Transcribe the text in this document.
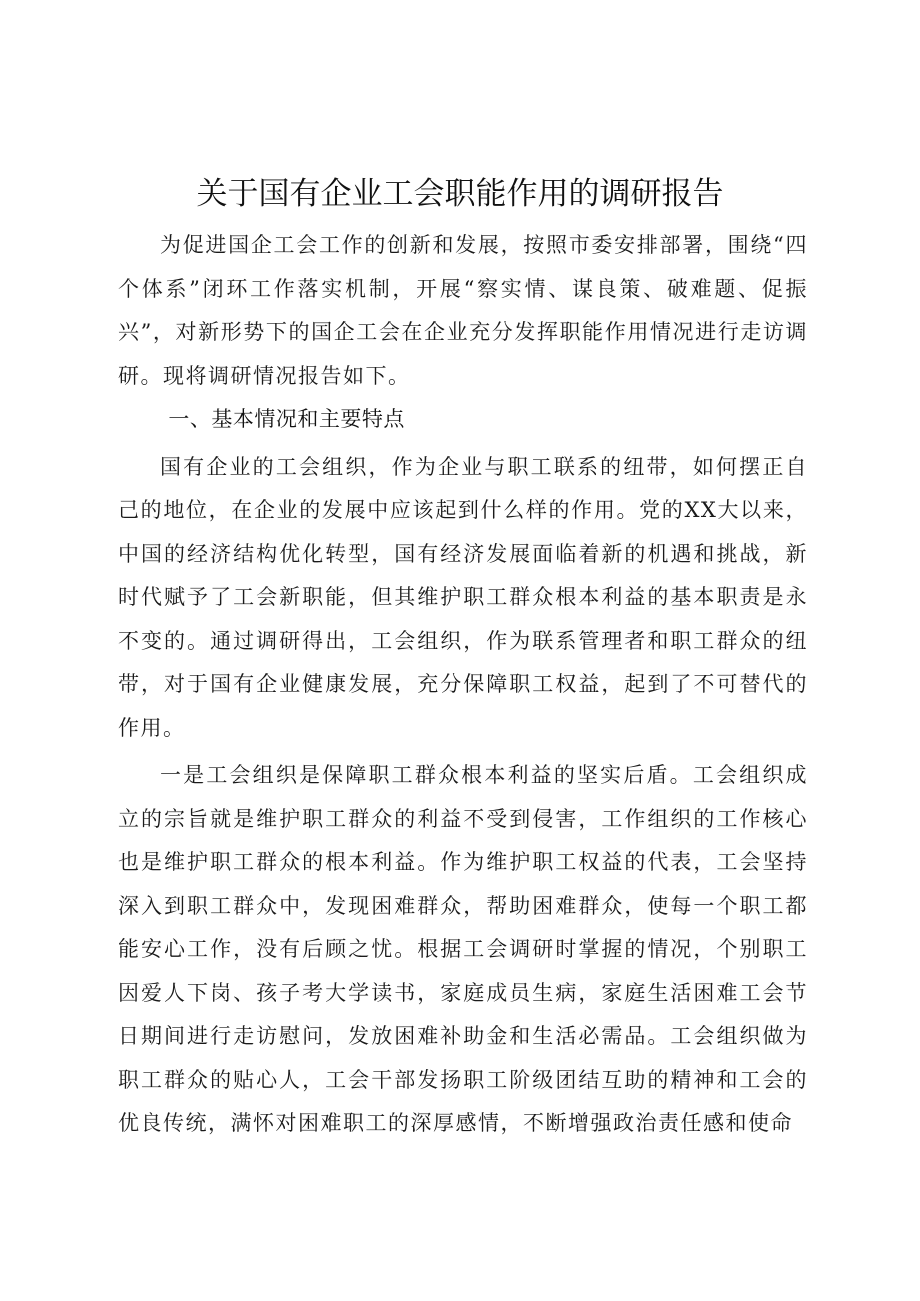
关于国有企业工会职能作用的调研报告

为促进国企工会工作的创新和发展，按照市委安排部署，围绕“四个体系”闭环工作落实机制，开展“察实情、谋良策、破难题、促振兴”，对新形势下的国企工会在企业充分发挥职能作用情况进行走访调研。现将调研情况报告如下。

一、基本情况和主要特点

国有企业的工会组织，作为企业与职工联系的纽带，如何摆正自己的地位，在企业的发展中应该起到什么样的作用。党的XX大以来，中国的经济结构优化转型，国有经济发展面临着新的机遇和挑战，新时代赋予了工会新职能，但其维护职工群众根本利益的基本职责是永不变的。通过调研得出，工会组织，作为联系管理者和职工群众的纽带，对于国有企业健康发展，充分保障职工权益，起到了不可替代的作用。

一是工会组织是保障职工群众根本利益的坚实后盾。工会组织成立的宗旨就是维护职工群众的利益不受到侵害，工作组织的工作核心也是维护职工群众的根本利益。作为维护职工权益的代表，工会坚持深入到职工群众中，发现困难群众，帮助困难群众，使每一个职工都能安心工作，没有后顾之忧。根据工会调研时掌握的情况，个别职工因爱人下岗、孩子考大学读书，家庭成员生病，家庭生活困难工会节日期间进行走访慰问，发放困难补助金和生活必需品。工会组织做为职工群众的贴心人，工会干部发扬职工阶级团结互助的精神和工会的优良传统，满怀对困难职工的深厚感情，不断增强政治责任感和使命
